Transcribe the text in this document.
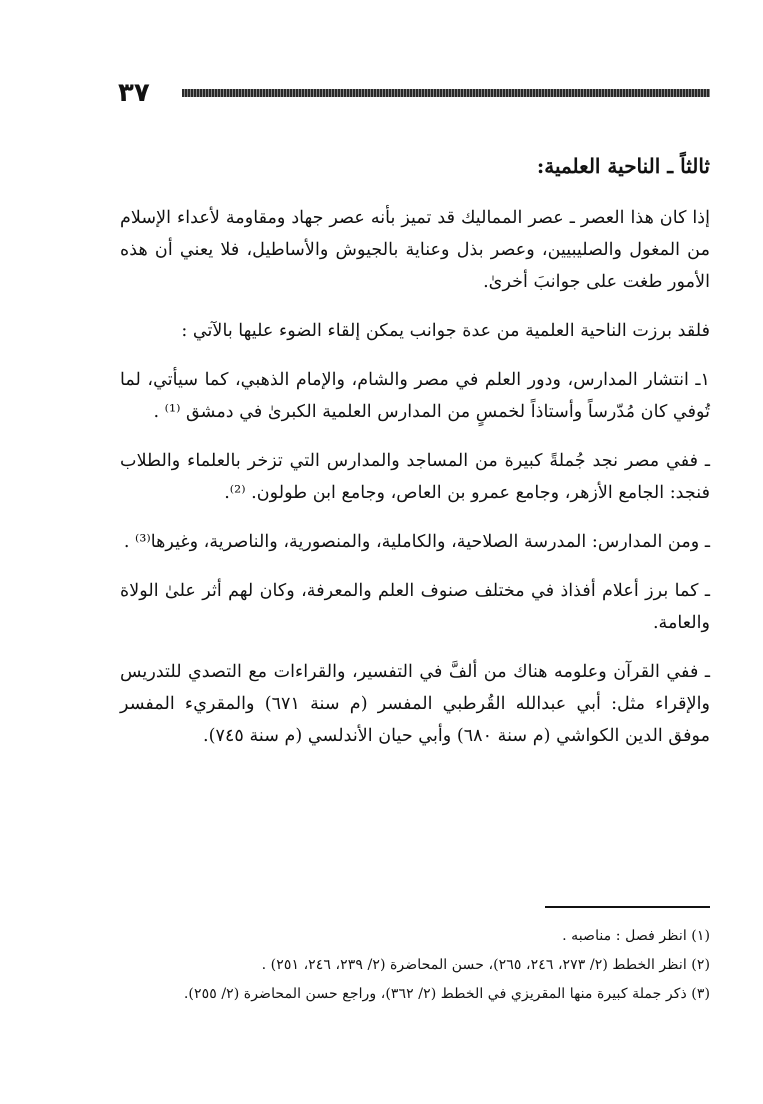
٣٧
ثالثاً ـ الناحية العلمية:

إذا كان هذا العصر ـ عصر المماليك قد تميز بأنه عصر جهاد ومقاومة لأعداء الإسلام من المغول والصليبيين، وعصر بذل وعناية بالجيوش والأساطيل، فلا يعني أن هذه الأمور طغت على جوانبَ أخرىٰ.

فلقد برزت الناحية العلمية من عدة جوانب يمكن إلقاء الضوء عليها بالآتي :

١ـ انتشار المدارس، ودور العلم في مصر والشام، والإمام الذهبي، كما سيأتي، لما تُوفي كان مُدّرساً وأستاذاً لخمسٍ من المدارس العلمية الكبرىٰ في دمشق ⁽¹⁾ .

ـ ففي مصر نجد جُملةً كبيرة من المساجد والمدارس التي تزخر بالعلماء والطلاب فنجد: الجامع الأزهر، وجامع عمرو بن العاص، وجامع ابن طولون. ⁽²⁾.

ـ ومن المدارس: المدرسة الصلاحية، والكاملية، والمنصورية، والناصرية، وغيرها⁽³⁾ .

ـ كما برز أعلام أفذاذ في مختلف صنوف العلم والمعرفة، وكان لهم أثر علىٰ الولاة والعامة.

ـ ففي القرآن وعلومه هناك من ألفَّ في التفسير، والقراءات مع التصدي للتدريس والإقراء مثل: أبي عبدالله القُرطبي المفسر (م سنة ٦٧١) والمقريء المفسر موفق الدين الكواشي (م سنة ٦٨٠) وأبي حيان الأندلسي (م سنة ٧٤٥).

(١) انظر فصل : مناصبه .

(٢) انظر الخطط (٢/ ٢٧٣، ٢٤٦، ٢٦٥)، حسن المحاضرة (٢/ ٢٣٩، ٢٤٦، ٢٥١) .

(٣) ذكر جملة كبيرة منها المقريزي في الخطط (٢/ ٣٦٢)، وراجع حسن المحاضرة (٢/ ٢٥٥).
